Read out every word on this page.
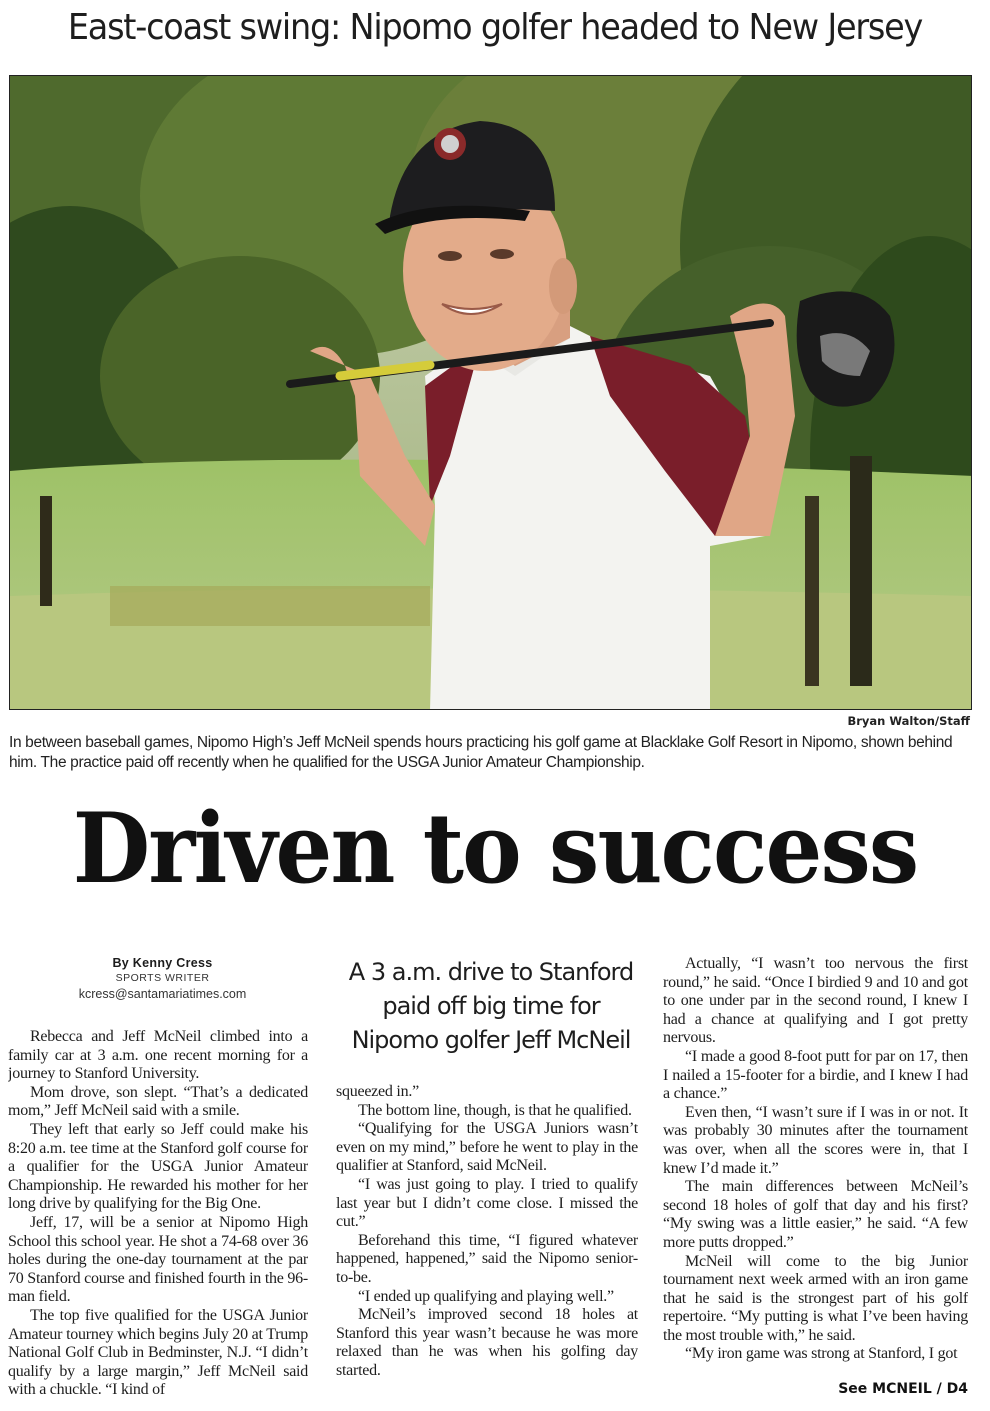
East-coast swing: Nipomo golfer headed to New Jersey
Bryan Walton/Staff
In between baseball games, Nipomo High’s Jeff McNeil spends hours practicing his golf game at Blacklake Golf Resort in Nipomo, shown behind him. The practice paid off recently when he qualified for the USGA Junior Amateur Championship.
Driven to success
By Kenny Cress
SPORTS WRITER
kcress@santamariatimes.com
A 3 a.m. drive to Stanford paid off big time for Nipomo golfer Jeff McNeil

Rebecca and Jeff McNeil climbed into a family car at 3 a.m. one recent morning for a journey to Stanford University.

Mom drove, son slept. “That’s a dedicated mom,” Jeff McNeil said with a smile.

They left that early so Jeff could make his 8:20 a.m. tee time at the Stanford golf course for a qualifier for the USGA Junior Amateur Championship. He rewarded his mother for her long drive by qualifying for the Big One.

Jeff, 17, will be a senior at Nipomo High School this school year. He shot a 74-68 over 36 holes during the one-day tournament at the par 70 Stanford course and finished fourth in the 96-man field.

The top five qualified for the USGA Junior Amateur tourney which begins July 20 at Trump National Golf Club in Bedminster, N.J. “I didn’t qualify by a large margin,” Jeff McNeil said with a chuckle. “I kind of

squeezed in.”

The bottom line, though, is that he qualified.

“Qualifying for the USGA Juniors wasn’t even on my mind,” before he went to play in the qualifier at Stanford, said McNeil.

“I was just going to play. I tried to qualify last year but I didn’t come close. I missed the cut.”

Beforehand this time, “I figured whatever happened, happened,” said the Nipomo senior-to-be.

“I ended up qualifying and playing well.”

McNeil’s improved second 18 holes at Stanford this year wasn’t because he was more relaxed than he was when his golfing day started.

Actually, “I wasn’t too nervous the first round,” he said. “Once I birdied 9 and 10 and got to one under par in the second round, I knew I had a chance at qualifying and I got pretty nervous.

“I made a good 8-foot putt for par on 17, then I nailed a 15-footer for a birdie, and I knew I had a chance.”

Even then, “I wasn’t sure if I was in or not. It was probably 30 minutes after the tournament was over, when all the scores were in, that I knew I’d made it.”

The main differences between McNeil’s second 18 holes of golf that day and his first? “My swing was a little easier,” he said. “A few more putts dropped.”

McNeil will come to the big Junior tournament next week armed with an iron game that he said is the strongest part of his golf repertoire. “My putting is what I’ve been having the most trouble with,” he said.

“My iron game was strong at Stanford, I got

See MCNEIL / D4
